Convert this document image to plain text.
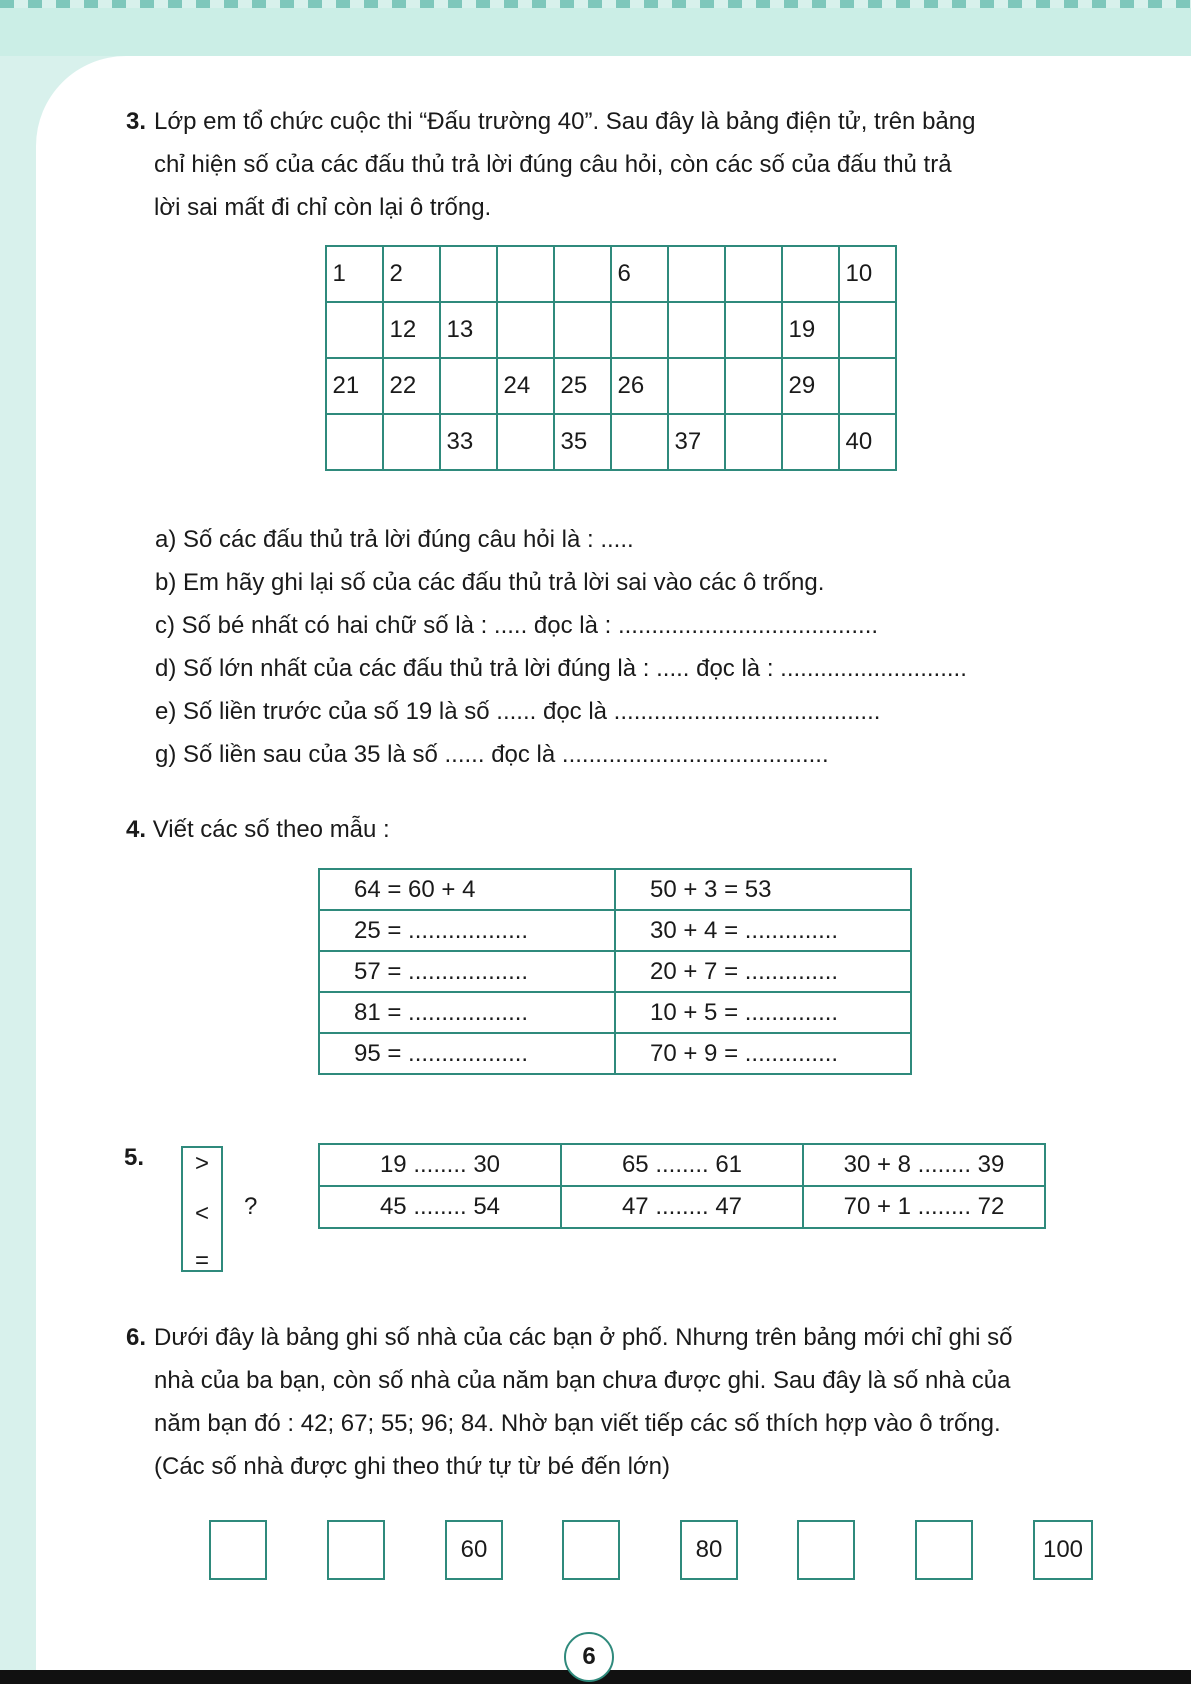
3. Lớp em tổ chức cuộc thi “Đấu trường 40”. Sau đây là bảng điện tử, trên bảng
chỉ hiện số của các đấu thủ trả lời đúng câu hỏi, còn các số của đấu thủ trả
lời sai mất đi chỉ còn lại ô trống.
1	2				6				10
	12	13						19	
21	22		24	25	26			29	
		33		35		37			40
a) Số các đấu thủ trả lời đúng câu hỏi là : .....
b) Em hãy ghi lại số của các đấu thủ trả lời sai vào các ô trống.
c) Số bé nhất có hai chữ số là : ..... đọc là : .......................................
d) Số lớn nhất của các đấu thủ trả lời đúng là : ..... đọc là : ............................
e) Số liền trước của số 19 là số ...... đọc là ........................................
g) Số liền sau của 35 là số ...... đọc là ........................................
4. Viết các số theo mẫu :
64 = 60 + 4	50 + 3 = 53
25 = ..................	30 + 4 = ..............
57 = ..................	20 + 7 = ..............
81 = ..................	10 + 5 = ..............
95 = ..................	70 + 9 = ..............
5.	>
<
=
?
19 ........ 30	65 ........ 61	30 + 8 ........ 39
45 ........ 54	47 ........ 47	70 + 1 ........ 72
6. Dưới đây là bảng ghi số nhà của các bạn ở phố. Nhưng trên bảng mới chỉ ghi số
nhà của ba bạn, còn số nhà của năm bạn chưa được ghi. Sau đây là số nhà của
năm bạn đó : 42; 67; 55; 96; 84. Nhờ bạn viết tiếp các số thích hợp vào ô trống.
(Các số nhà được ghi theo thứ tự từ bé đến lớn)
60	80	100
6
